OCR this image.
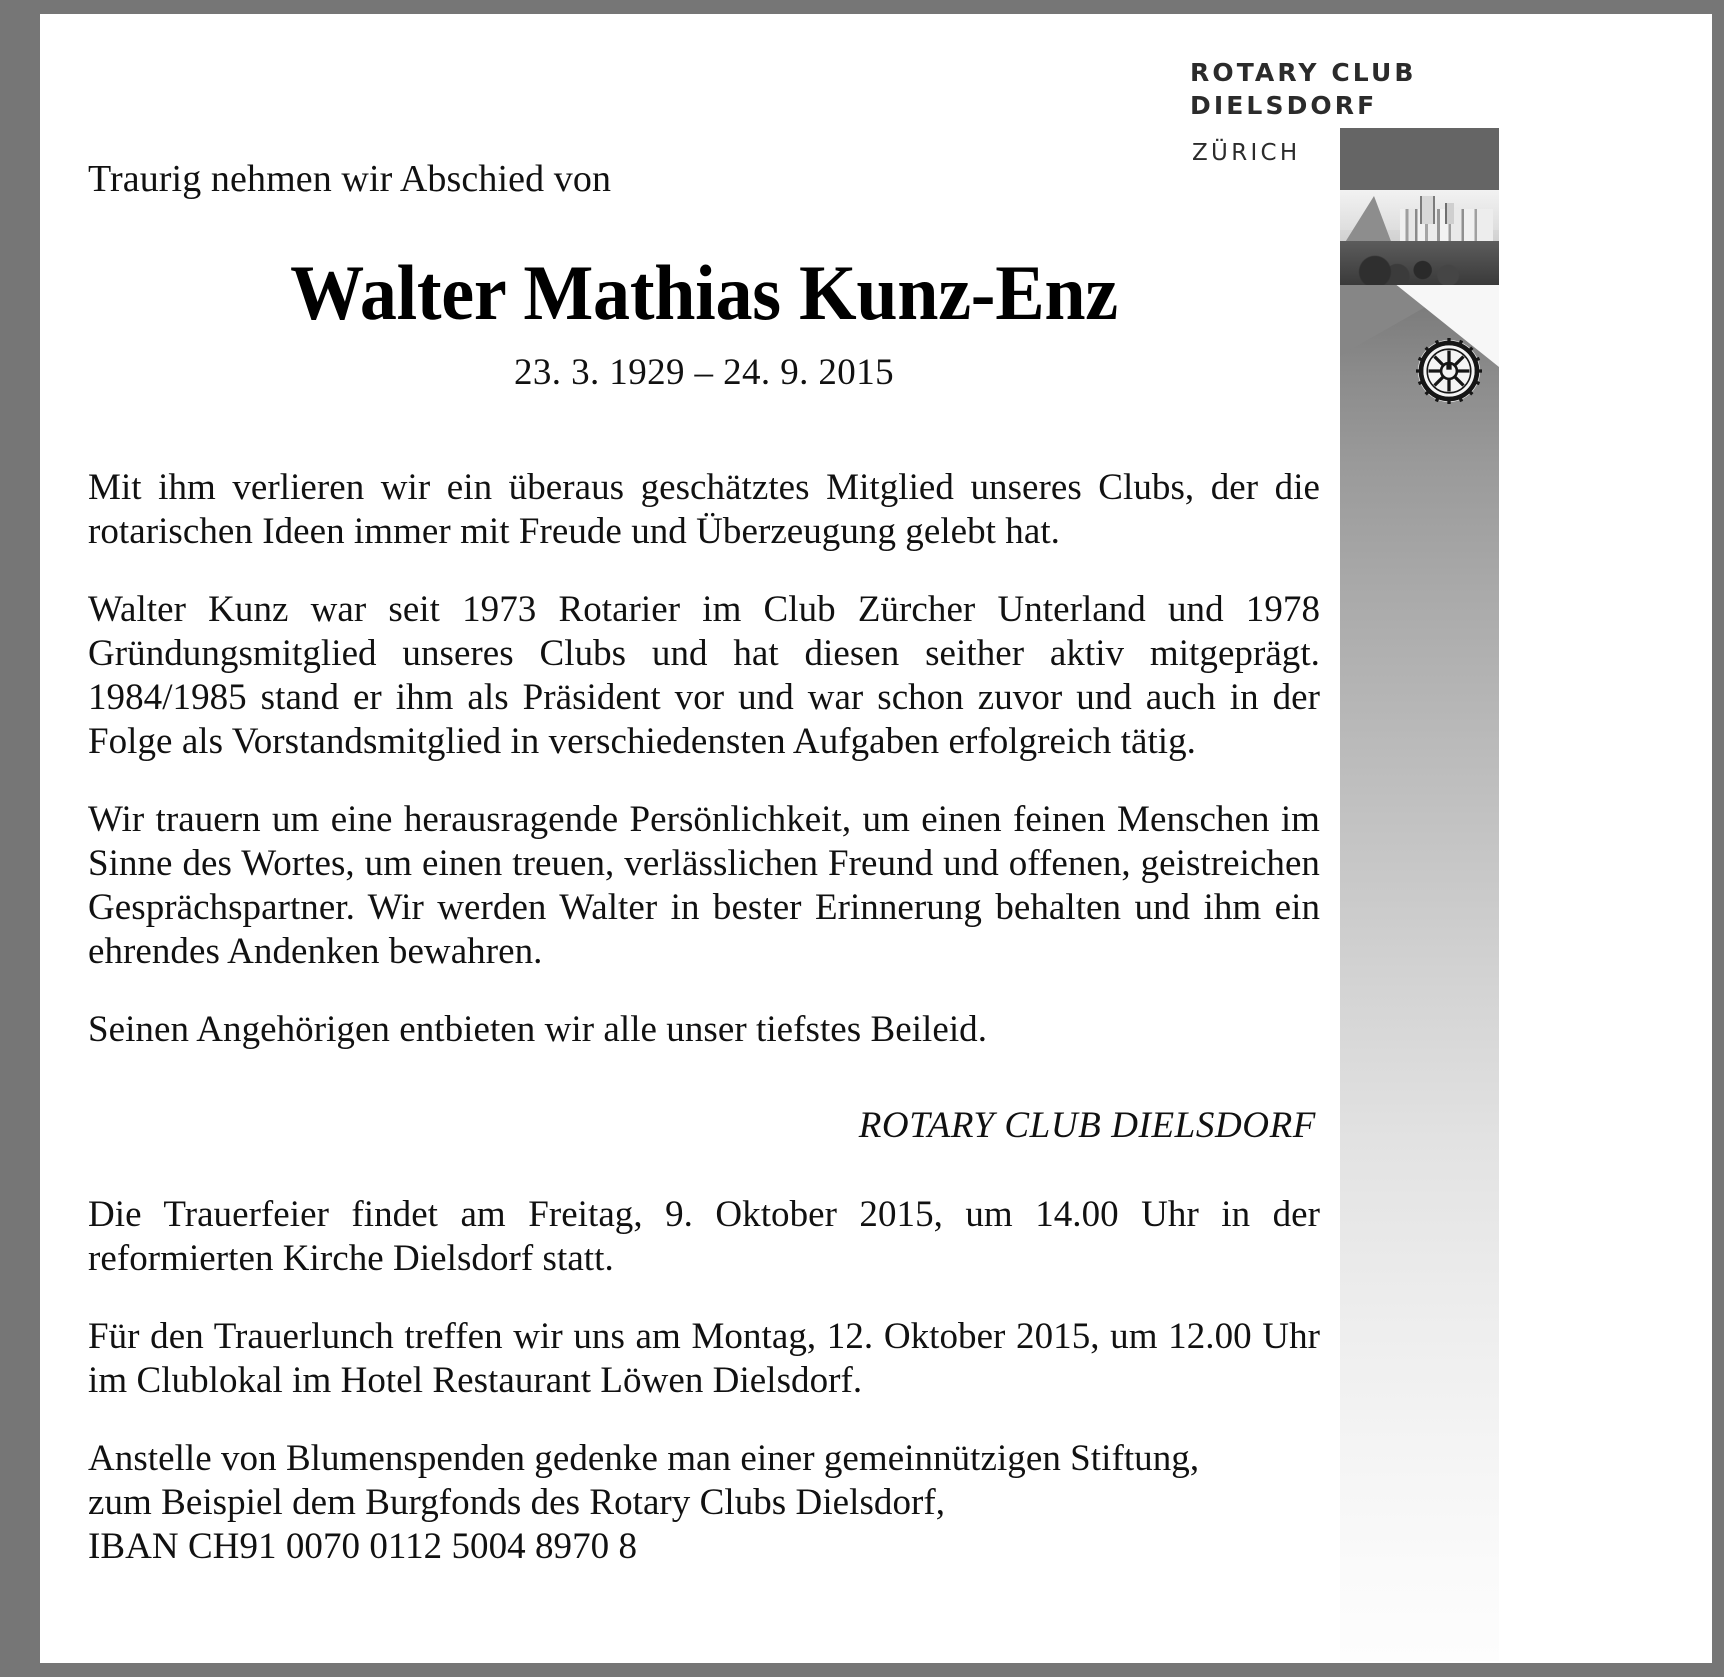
ROTARY CLUB
DIELSDORF
ZÜRICH
Traurig nehmen wir Abschied von
Walter Mathias Kunz-Enz
23. 3. 1929 – 24. 9. 2015
Mit ihm verlieren wir ein überaus geschätztes Mitglied unseres Clubs, der die rotarischen Ideen immer mit Freude und Überzeugung gelebt hat.
Walter Kunz war seit 1973 Rotarier im Club Zürcher Unterland und 1978 Gründungsmitglied unseres Clubs und hat diesen seither aktiv mitgeprägt. 1984/1985 stand er ihm als Präsident vor und war schon zuvor und auch in der Folge als Vorstandsmitglied in verschiedensten Aufgaben erfolgreich tätig.
Wir trauern um eine herausragende Persönlichkeit, um einen feinen Menschen im Sinne des Wortes, um einen treuen, verlässlichen Freund und offenen, geistreichen Gesprächspartner. Wir werden Walter in bester Erinnerung behalten und ihm ein ehrendes Andenken bewahren.
Seinen Angehörigen entbieten wir alle unser tiefstes Beileid.
ROTARY CLUB DIELSDORF
Die Trauerfeier findet am Freitag, 9. Oktober 2015, um 14.00 Uhr in der reformierten Kirche Dielsdorf statt.
Für den Trauerlunch treffen wir uns am Montag, 12. Oktober 2015, um 12.00 Uhr im Clublokal im Hotel Restaurant Löwen Dielsdorf.
Anstelle von Blumenspenden gedenke man einer gemeinnützigen Stiftung,
zum Beispiel dem Burgfonds des Rotary Clubs Dielsdorf,
IBAN CH91 0070 0112 5004 8970 8
